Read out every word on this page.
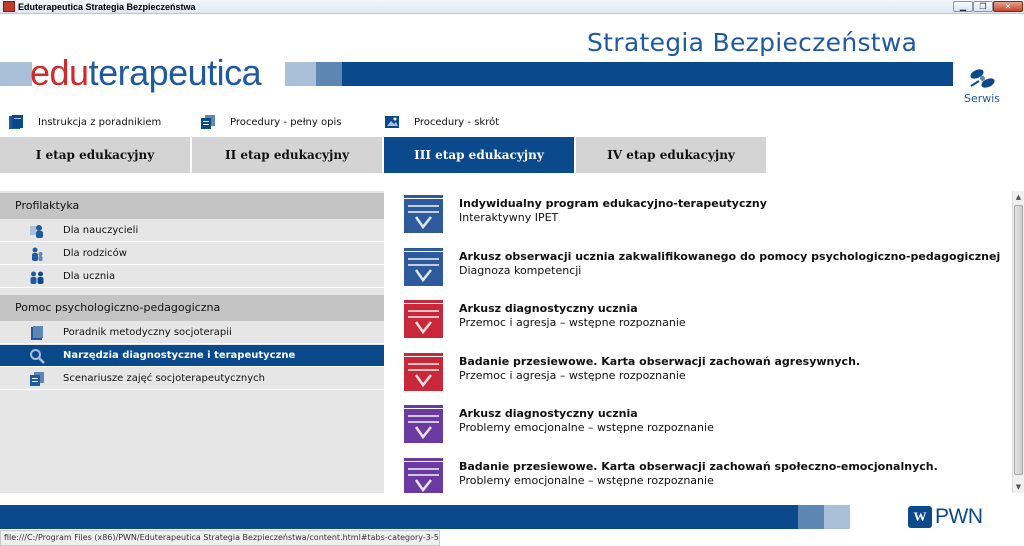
Eduterapeutica Strategia Bezpieczeństwa	▁	❐	✕
Strategia Bezpieczeństwa
eduterapeutica
Serwis
Instrukcja z poradnikiem	Procedury - pełny opis	Procedury - skrót
I etap edukacyjny	II etap edukacyjny	III etap edukacyjny	IV etap edukacyjny
Profilaktyka
Dla nauczycieli
Dla rodziców
Dla ucznia
Pomoc psychologiczno-pedagogiczna
Poradnik metodyczny socjoterapii
Narzędzia diagnostyczne i terapeutyczne
Scenariusze zajęć socjoterapeutycznych
Indywidualny program edukacyjno-terapeutyczny
Interaktywny IPET
Arkusz obserwacji ucznia zakwalifikowanego do pomocy psychologiczno-pedagogicznej
Diagnoza kompetencji
Arkusz diagnostyczny ucznia
Przemoc i agresja – wstępne rozpoznanie
Badanie przesiewowe. Karta obserwacji zachowań agresywnych.
Przemoc i agresja – wstępne rozpoznanie
Arkusz diagnostyczny ucznia
Problemy emocjonalne – wstępne rozpoznanie
Badanie przesiewowe. Karta obserwacji zachowań społeczno-emocjonalnych.
Problemy emocjonalne – wstępne rozpoznanie
▲
▼
W PWN
file:///C:/Program Files (x86)/PWN/Eduterapeutica Strategia Bezpieczeństwa/content.html#tabs-category-3-5
